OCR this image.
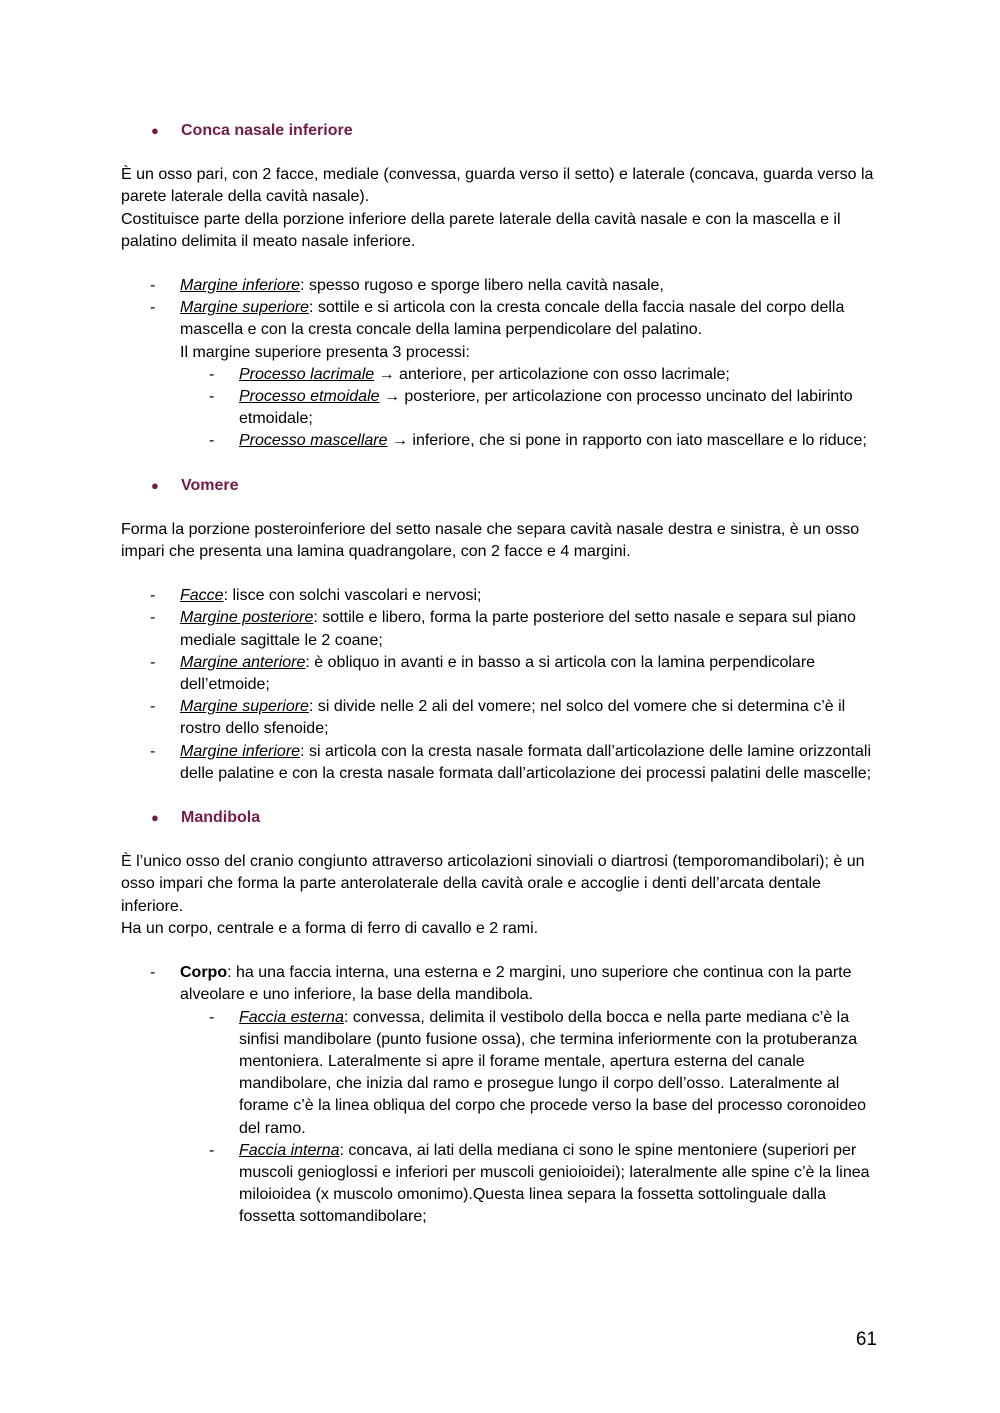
● Conca nasale inferiore

È un osso pari, con 2 facce, mediale (convessa, guarda verso il setto) e laterale (concava, guarda verso la parete laterale della cavità nasale).

Costituisce parte della porzione inferiore della parete laterale della cavità nasale e con la mascella e il palatino delimita il meato nasale inferiore.

- Margine inferiore: spesso rugoso e sporge libero nella cavità nasale,
- Margine superiore: sottile e si articola con la cresta concale della faccia nasale del corpo della mascella e con la cresta concale della lamina perpendicolare del palatino.
Il margine superiore presenta 3 processi:
- Processo lacrimale → anteriore, per articolazione con osso lacrimale;
- Processo etmoidale → posteriore, per articolazione con processo uncinato del labirinto etmoidale;
- Processo mascellare → inferiore, che si pone in rapporto con iato mascellare e lo riduce;
● Vomere

Forma la porzione posteroinferiore del setto nasale che separa cavità nasale destra e sinistra, è un osso impari che presenta una lamina quadrangolare, con 2 facce e 4 margini.

- Facce: lisce con solchi vascolari e nervosi;
- Margine posteriore: sottile e libero, forma la parte posteriore del setto nasale e separa sul piano mediale sagittale le 2 coane;
- Margine anteriore: è obliquo in avanti e in basso a si articola con la lamina perpendicolare dell’etmoide;
- Margine superiore: si divide nelle 2 ali del vomere; nel solco del vomere che si determina c’è il rostro dello sfenoide;
- Margine inferiore: si articola con la cresta nasale formata dall’articolazione delle lamine orizzontali delle palatine e con la cresta nasale formata dall’articolazione dei processi palatini delle mascelle;
● Mandibola

È l’unico osso del cranio congiunto attraverso articolazioni sinoviali o diartrosi (temporomandibolari); è un osso impari che forma la parte anterolaterale della cavità orale e accoglie i denti dell’arcata dentale inferiore.

Ha un corpo, centrale e a forma di ferro di cavallo e 2 rami.

- Corpo: ha una faccia interna, una esterna e 2 margini, uno superiore che continua con la parte alveolare e uno inferiore, la base della mandibola.
- Faccia esterna: convessa, delimita il vestibolo della bocca e nella parte mediana c’è la sinfisi mandibolare (punto fusione ossa), che termina inferiormente con la protuberanza mentoniera. Lateralmente si apre il forame mentale, apertura esterna del canale mandibolare, che inizia dal ramo e prosegue lungo il corpo dell’osso. Lateralmente al forame c’è la linea obliqua del corpo che procede verso la base del processo coronoideo del ramo.
- Faccia interna: concava, ai lati della mediana ci sono le spine mentoniere (superiori per muscoli genioglossi e inferiori per muscoli genioioidei); lateralmente alle spine c’è la linea miloioidea (x muscolo omonimo).Questa linea separa la fossetta sottolinguale dalla fossetta sottomandibolare;
61
